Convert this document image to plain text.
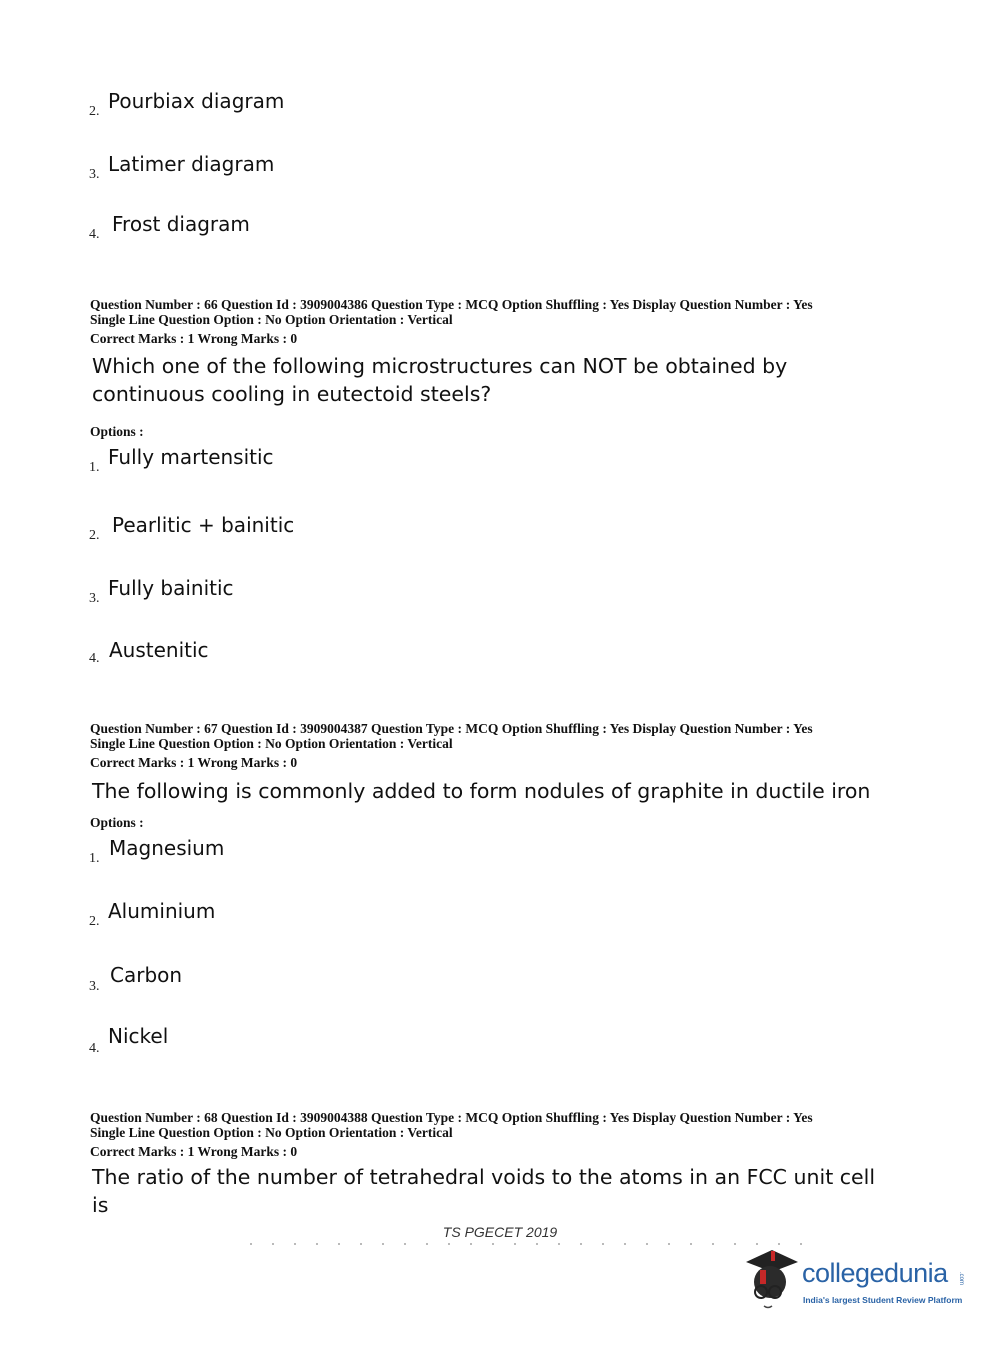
2. Pourbiax diagram
3. Latimer diagram
4. Frost diagram
Question Number : 66 Question Id : 3909004386 Question Type : MCQ Option Shuffling : Yes Display Question Number : Yes
Single Line Question Option : No Option Orientation : Vertical
Correct Marks : 1 Wrong Marks : 0
Which one of the following microstructures can NOT be obtained by
continuous cooling in eutectoid steels?
Options :
1. Fully martensitic
2. Pearlitic + bainitic
3. Fully bainitic
4. Austenitic
Question Number : 67 Question Id : 3909004387 Question Type : MCQ Option Shuffling : Yes Display Question Number : Yes
Single Line Question Option : No Option Orientation : Vertical
Correct Marks : 1 Wrong Marks : 0
The following is commonly added to form nodules of graphite in ductile iron
Options :
1. Magnesium
2. Aluminium
3. Carbon
4.
Nickel
Question Number : 68 Question Id : 3909004388 Question Type : MCQ Option Shuffling : Yes Display Question Number : Yes
Single Line Question Option : No Option Orientation : Vertical
Correct Marks : 1 Wrong Marks : 0
The ratio of the number of tetrahedral voids to the atoms in an FCC unit cell
is
TS PGECET 2019
collegedunia .com
India's largest Student Review Platform
